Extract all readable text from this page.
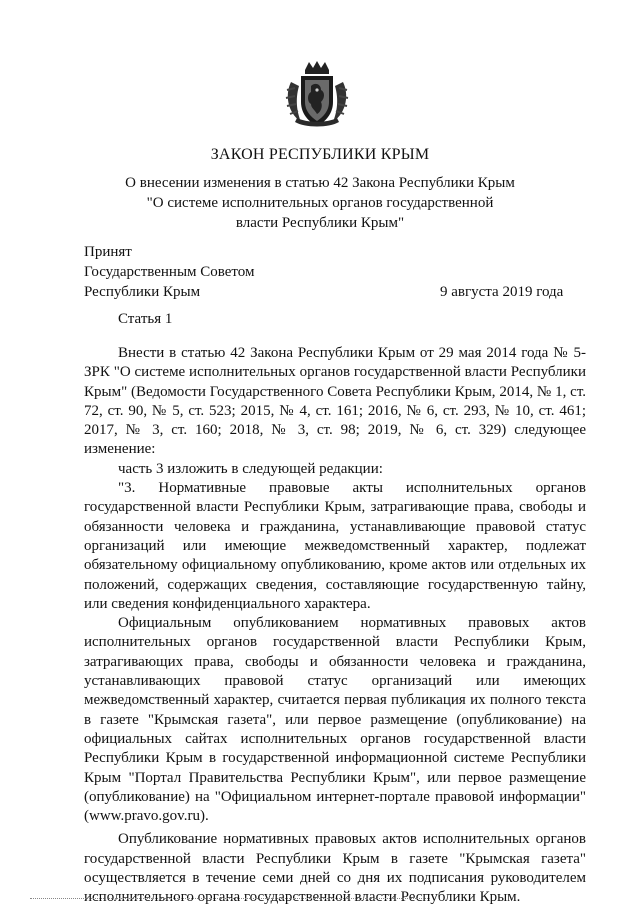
ЗАКОН РЕСПУБЛИКИ КРЫМ
О внесении изменения в статью 42 Закона Республики Крым
"О системе исполнительных органов государственной
власти Республики Крым"
Принят
Государственным Советом
Республики Крым	9 августа 2019 года
Статья 1

Внести в статью 42 Закона Республики Крым от 29 мая 2014 года № 5-ЗРК "О системе исполнительных органов государственной власти Республики Крым" (Ведомости Государственного Совета Республики Крым, 2014, № 1, ст. 72, ст. 90, № 5, ст. 523; 2015, № 4, ст. 161; 2016, № 6, ст. 293, № 10, ст. 461; 2017, № 3, ст. 160; 2018, № 3, ст. 98; 2019, № 6, ст. 329) следующее изменение:

часть 3 изложить в следующей редакции:

"3. Нормативные правовые акты исполнительных органов государственной власти Республики Крым, затрагивающие права, свободы и обязанности человека и гражданина, устанавливающие правовой статус организаций или имеющие межведомственный характер, подлежат обязательному официальному опубликованию, кроме актов или отдельных их положений, содержащих сведения, составляющие государственную тайну, или сведения конфиденциального характера.

Официальным опубликованием нормативных правовых актов исполнительных органов государственной власти Республики Крым, затрагивающих права, свободы и обязанности человека и гражданина, устанавливающих правовой статус организаций или имеющих межведомственный характер, считается первая публикация их полного текста в газете "Крымская газета", или первое размещение (опубликование) на официальных сайтах исполнительных органов государственной власти Республики Крым в государственной информационной системе Республики Крым "Портал Правительства Республики Крым", или первое размещение (опубликование) на "Официальном интернет-портале правовой информации" (www.pravo.gov.ru).

Опубликование нормативных правовых актов исполнительных органов государственной власти Республики Крым в газете "Крымская газета" осуществляется в течение семи дней со дня их подписания руководителем исполнительного органа государственной власти Республики Крым.
